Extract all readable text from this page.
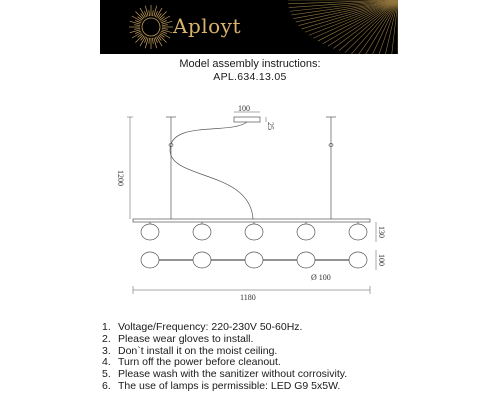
Aployt
Model assembly instructions:
APL.634.13.05
100
25
1200
130
100
Ø 100
1180
1. Voltage/Frequency: 220-230V 50-60Hz.
2. Please wear gloves to install.
3. Don`t install it on the moist ceiling.
4. Turn off the power before cleanout.
5. Please wash with the sanitizer without corrosivity.
6. The use of lamps is permissible: LED G9 5x5W.
